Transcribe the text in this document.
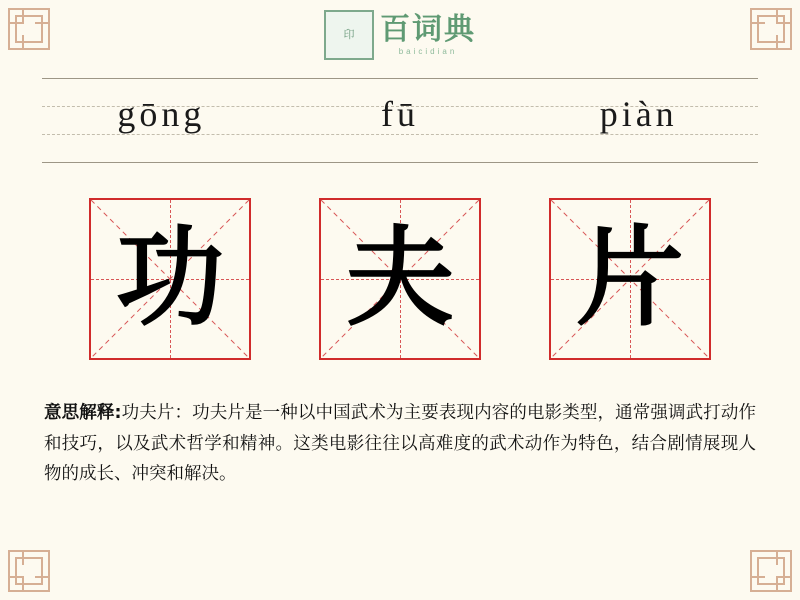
印 百词典
baicidian
gōng	fū	piàn
功 夫 片
意思解释:功夫片：功夫片是一种以中国武术为主要表现内容的电影类型，通常强调武打动作和技巧，以及武术哲学和精神。这类电影往往以高难度的武术动作为特色，结合剧情展现人物的成长、冲突和解决。
